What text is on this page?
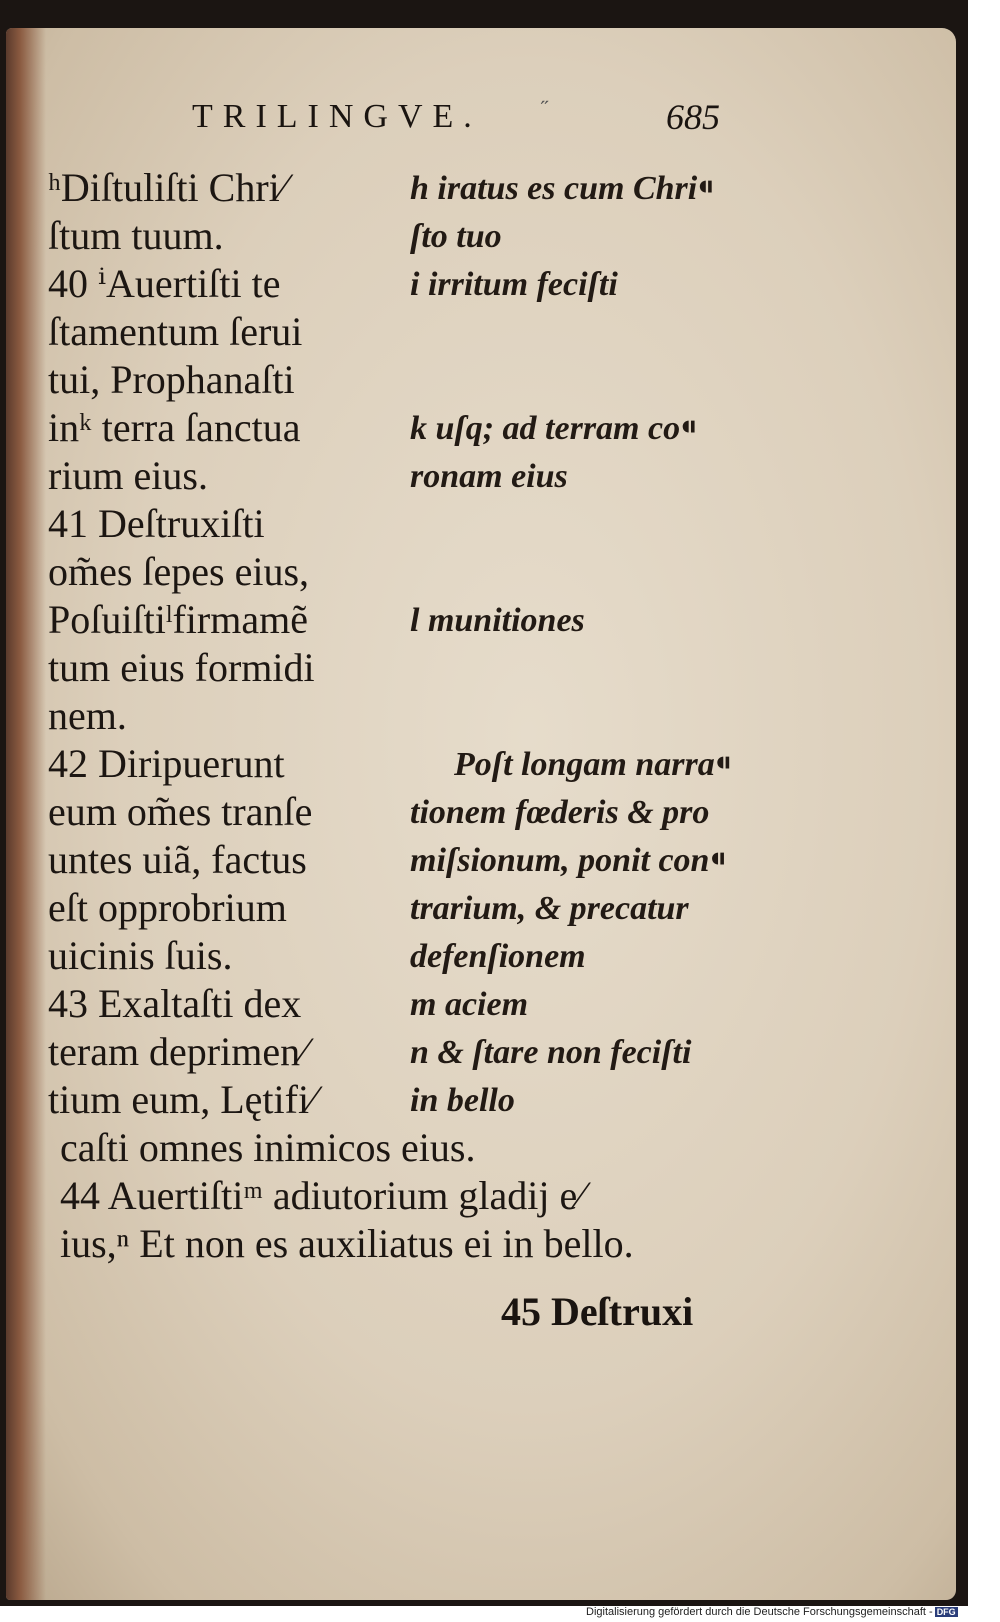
TRILINGVE.	˝	685
ʰDiſtuliſti Chri⁄
ſtum tuum.
40 ⁱAuertiſti te
ſtamentum ſerui
tui, Prophanaſti
inᵏ terra ſanctua
rium eius.
41 Deſtruxiſti
om̃es ſepes eius,
Poſuiſtiˡfirmamẽ
tum eius formidi
nem.
42 Diripuerunt
eum om̃es tranſe
untes uiã, factus
eſt opprobrium
uicinis ſuis.
43 Exaltaſti dex
teram deprimen⁄
tium eum, Lętifi⁄
caſti omnes inimicos eius.
44 Auertiſtiᵐ adiutorium gladij e⁄
ius,ⁿ Et non es auxiliatus ei in bello.
h iratus es cum Chri⁌
ſto tuo
i irritum feciſti
k uſq; ad terram co⁌
ronam eius
l munitiones
Poſt longam narra⁌
tionem fœderis & pro
miſsionum, ponit con⁌
trarium, & precatur
defenſionem
m aciem
n & ſtare non feciſti
in bello
45 Deſtruxi
Digitalisierung gefördert durch die Deutsche Forschungsgemeinschaft - DFG
